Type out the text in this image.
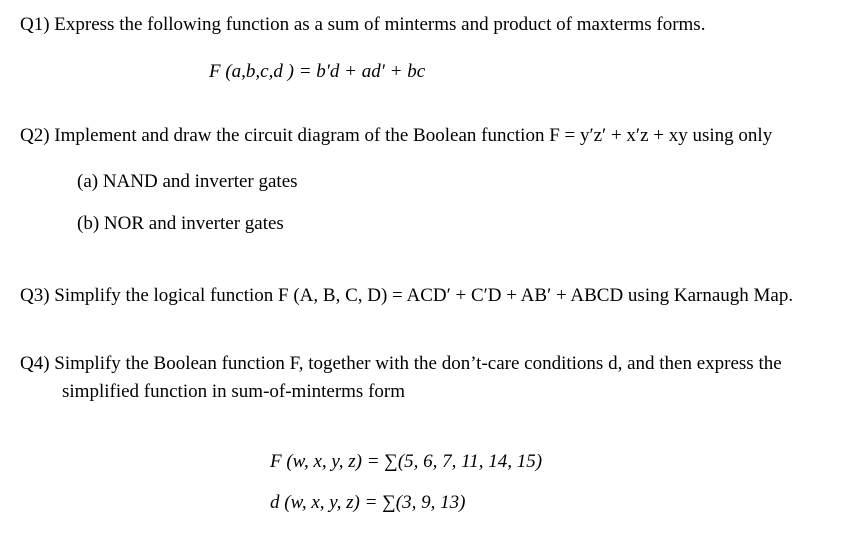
Q1) Express the following function as a sum of minterms and product of maxterms forms.
F (a,b,c,d ) = b′d + ad′ + bc
Q2) Implement and draw the circuit diagram of the Boolean function F = y′z′ + x′z + xy using only
(a) NAND and inverter gates
(b) NOR and inverter gates
Q3) Simplify the logical function F (A, B, C, D) = ACD′ + C′D + AB′ + ABCD using Karnaugh Map.
Q4) Simplify the Boolean function F, together with the don’t-care conditions d, and then express the
simplified function in sum-of-minterms form
F (w, x, y, z) = ∑(5, 6, 7, 11, 14, 15)
d (w, x, y, z) = ∑(3, 9, 13)
